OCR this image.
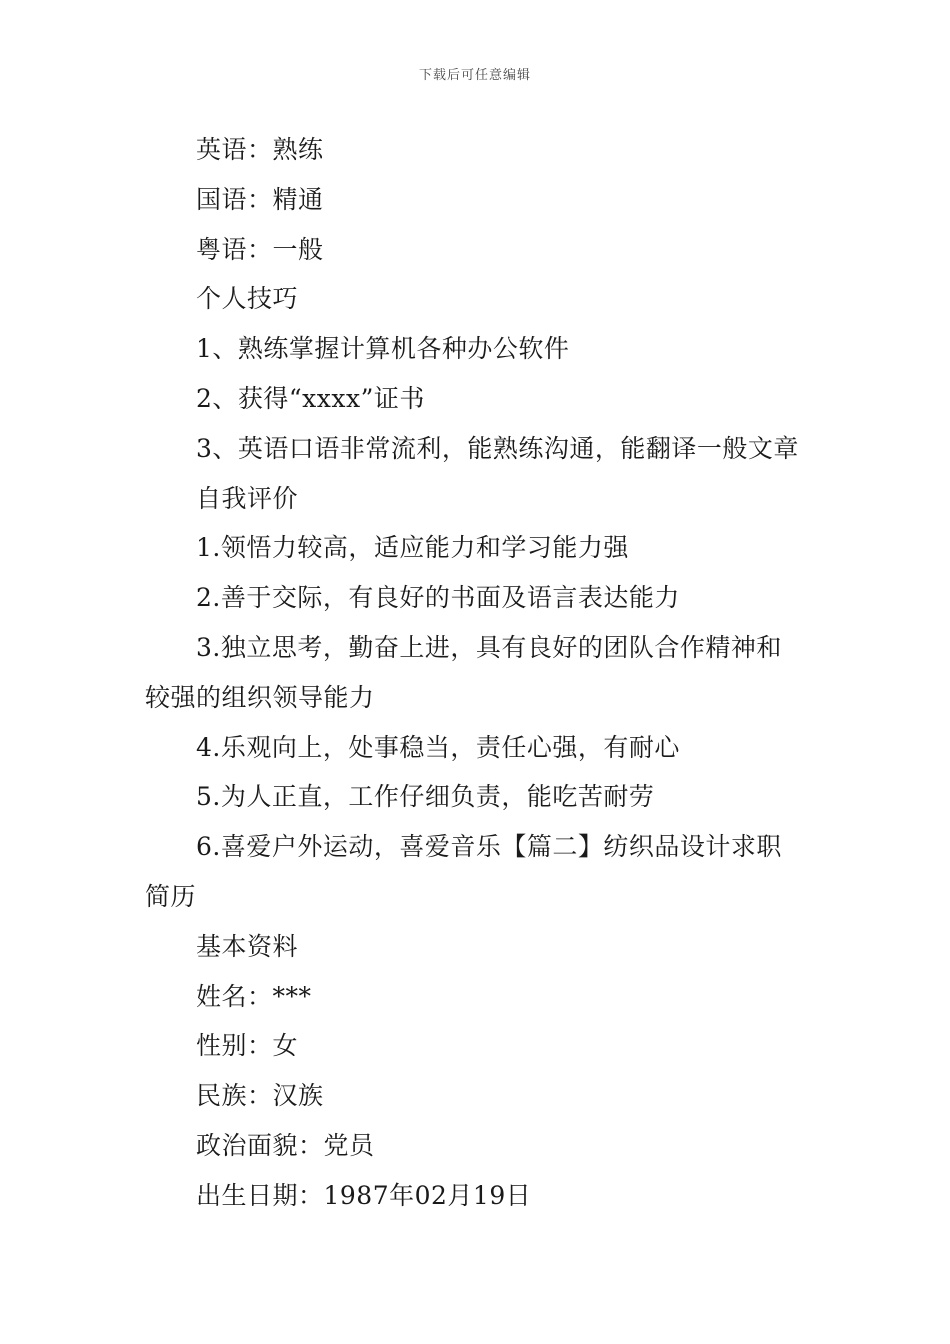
下载后可任意编辑
英语：熟练
国语：精通
粤语：一般
个人技巧
1、熟练掌握计算机各种办公软件
2、获得“xxxx”证书
3、英语口语非常流利，能熟练沟通，能翻译一般文章
自我评价
1.领悟力较高，适应能力和学习能力强
2.善于交际，有良好的书面及语言表达能力
3.独立思考，勤奋上进，具有良好的团队合作精神和
较强的组织领导能力
4.乐观向上，处事稳当，责任心强，有耐心
5.为人正直，工作仔细负责，能吃苦耐劳
6.喜爱户外运动，喜爱音乐【篇二】纺织品设计求职
简历
基本资料
姓名：***
性别：女
民族：汉族
政治面貌：党员
出生日期：1987年02月19日
